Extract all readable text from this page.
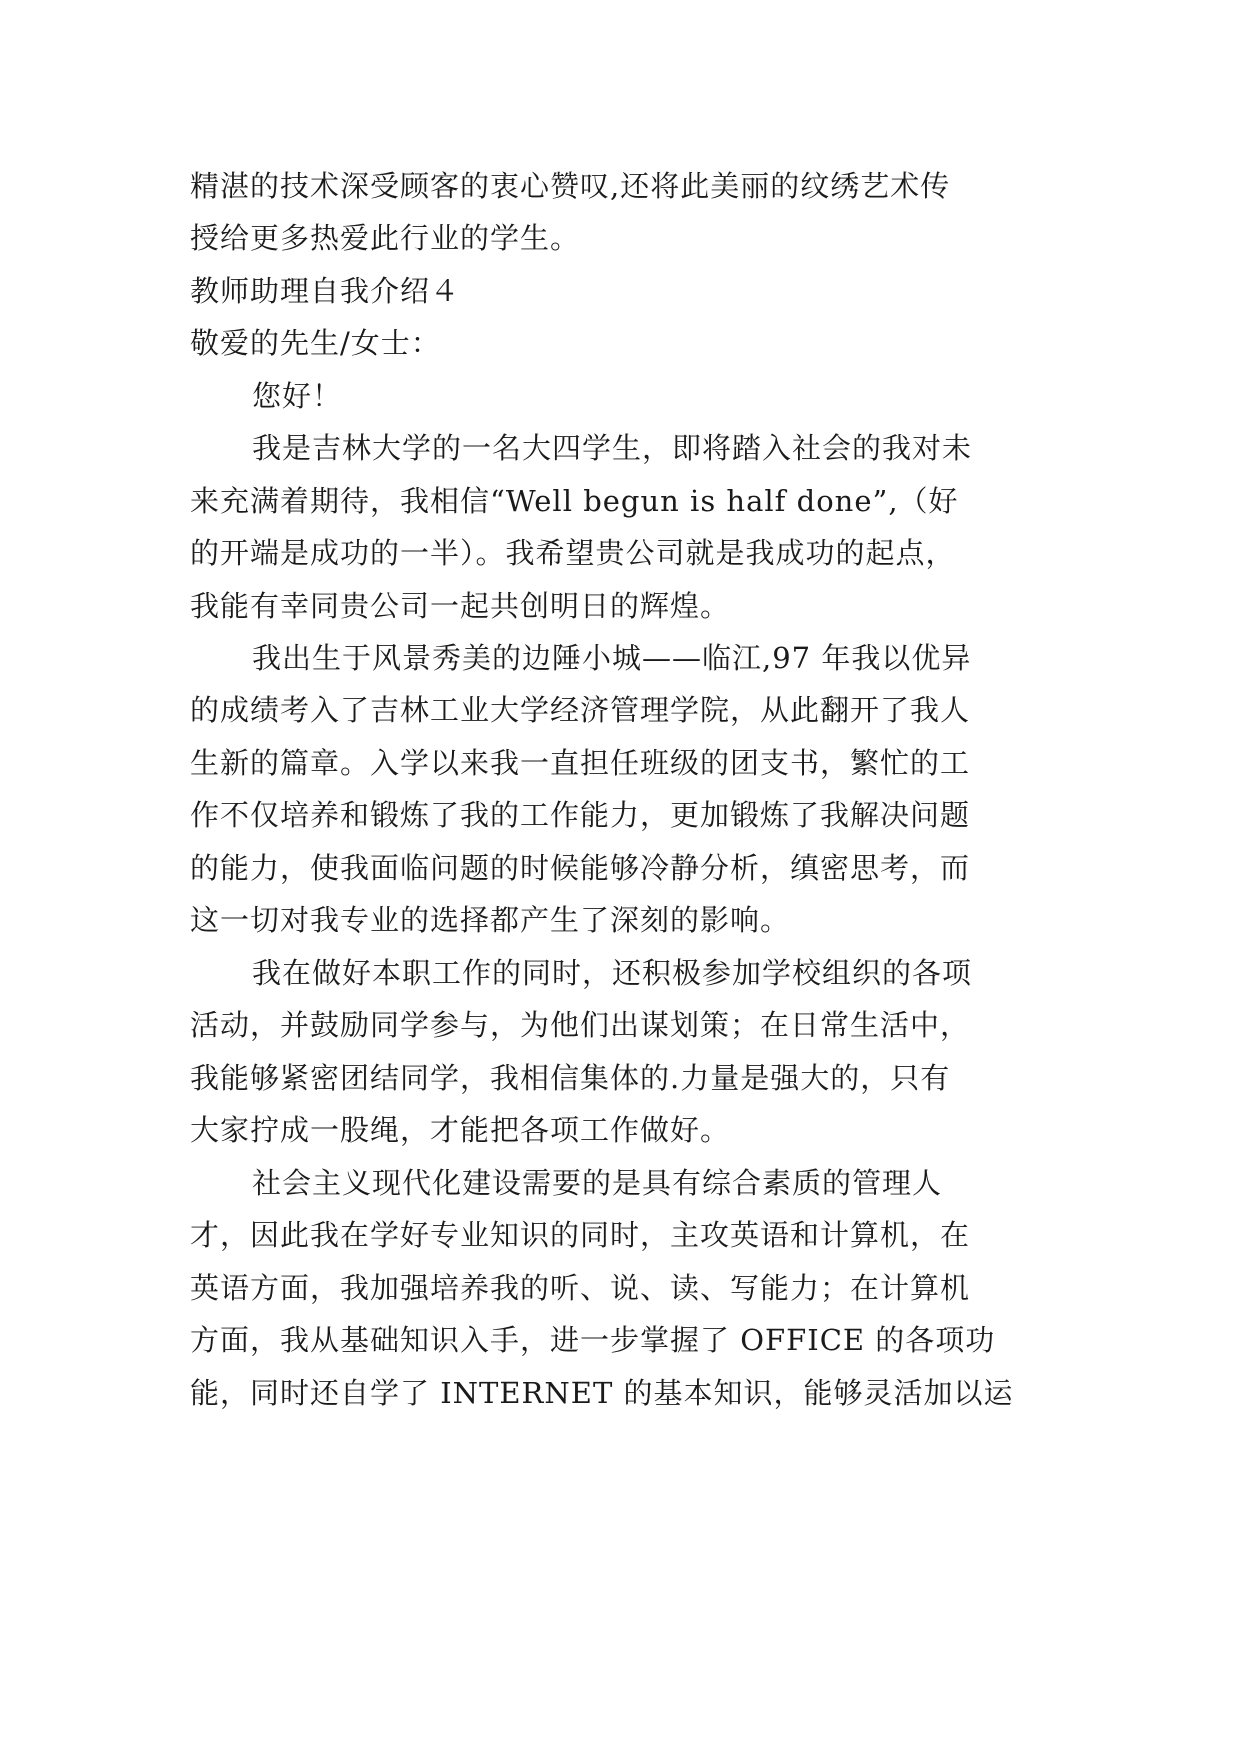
精湛的技术深受顾客的衷心赞叹,还将此美丽的纹绣艺术传
授给更多热爱此行业的学生。
教师助理自我介绍４
敬爱的先生/女士：
您好！
我是吉林大学的一名大四学生，即将踏入社会的我对未
来充满着期待，我相信“Well begun is half done”,（好
的开端是成功的一半）。我希望贵公司就是我成功的起点，
我能有幸同贵公司一起共创明日的辉煌。
我出生于风景秀美的边陲小城——临江,97 年我以优异
的成绩考入了吉林工业大学经济管理学院，从此翻开了我人
生新的篇章。入学以来我一直担任班级的团支书，繁忙的工
作不仅培养和锻炼了我的工作能力，更加锻炼了我解决问题
的能力，使我面临问题的时候能够冷静分析，缜密思考，而
这一切对我专业的选择都产生了深刻的影响。
我在做好本职工作的同时，还积极参加学校组织的各项
活动，并鼓励同学参与，为他们出谋划策；在日常生活中，
我能够紧密团结同学，我相信集体的.力量是强大的，只有
大家拧成一股绳，才能把各项工作做好。
社会主义现代化建设需要的是具有综合素质的管理人
才，因此我在学好专业知识的同时，主攻英语和计算机，在
英语方面，我加强培养我的听、说、读、写能力；在计算机
方面，我从基础知识入手，进一步掌握了 OFFICE 的各项功
能，同时还自学了 INTERNET 的基本知识，能够灵活加以运
